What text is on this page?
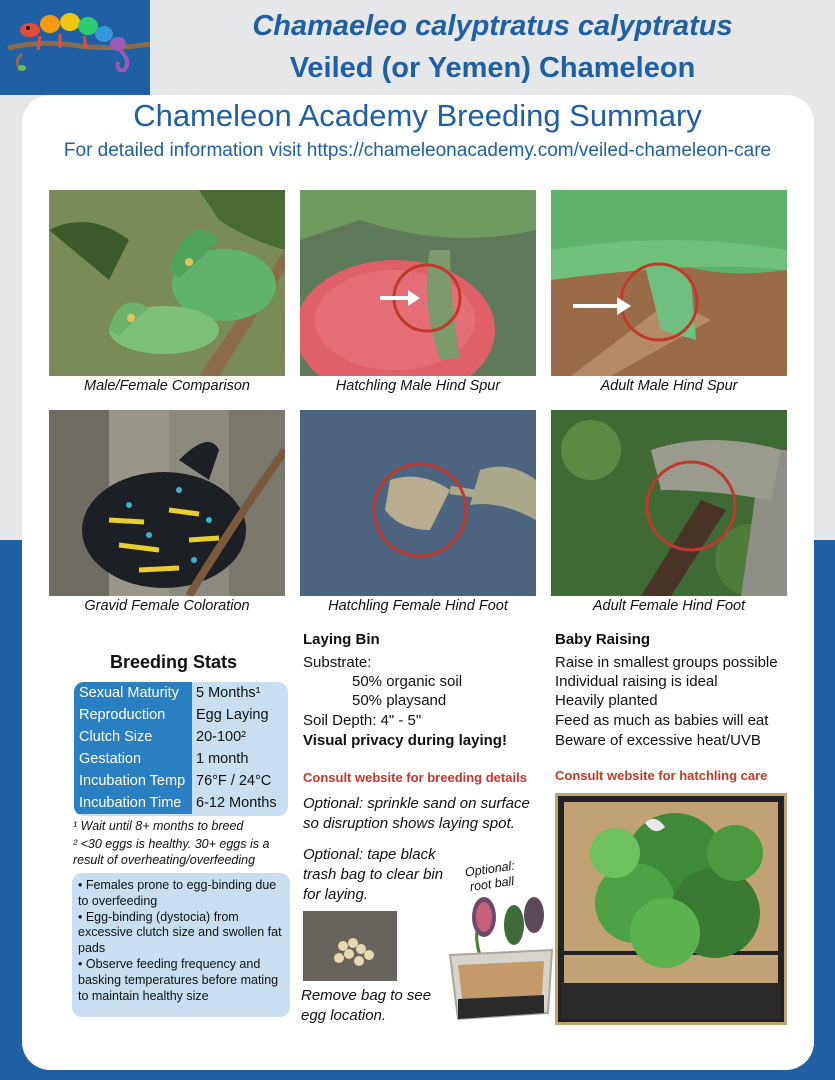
Chamaeleo calyptratus calyptratus
Veiled (or Yemen) Chameleon
Chameleon Academy Breeding Summary
For detailed information visit https://chameleonacademy.com/veiled-chameleon-care
Male/Female Comparison	Hatchling Male Hind Spur	Adult Male Hind Spur
Gravid Female Coloration	Hatchling Female Hind Foot	Adult Female Hind Foot
Breeding Stats
Sexual Maturity	5 Months¹
Reproduction	Egg Laying
Clutch Size	20-100²
Gestation	1 month
Incubation Temp 76°F / 24°C
Incubation Time	6-12 Months
¹ Wait until 8+ months to breed
² <30 eggs is healthy. 30+ eggs is a result of overheating/overfeeding
• Females prone to egg-binding due to overfeeding
• Egg-binding (dystocia) from excessive clutch size and swollen fat pads
• Observe feeding frequency and basking temperatures before mating to maintain healthy size
Laying Bin
Substrate:
50% organic soil
50% playsand
Soil Depth: 4" - 5"
Visual privacy during laying!
Consult website for breeding details
Optional: sprinkle sand on surface so disruption shows laying spot.
Optional: tape black trash bag to clear bin for laying.
Optional: root ball
Remove bag to see egg location.
Baby Raising
Raise in smallest groups possible
Individual raising is ideal
Heavily planted
Feed as much as babies will eat
Beware of excessive heat/UVB
Consult website for hatchling care
